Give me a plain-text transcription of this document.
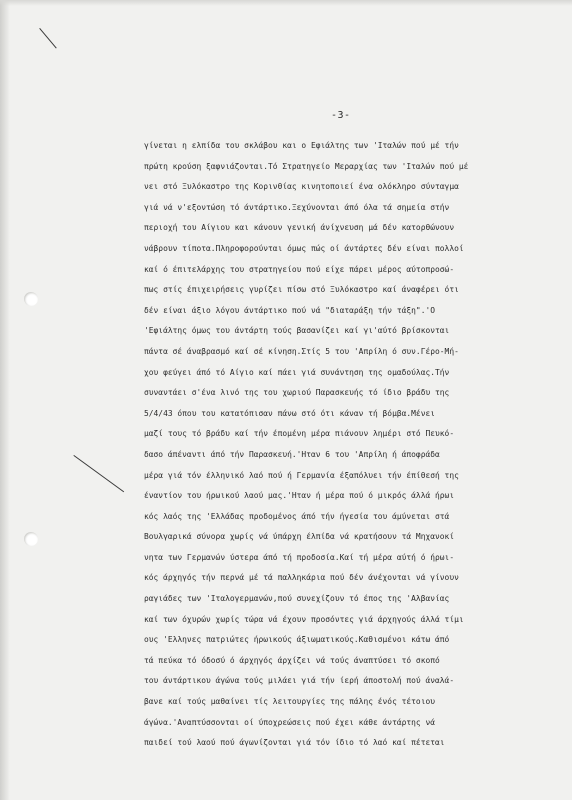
-3-
γίνεται η ελπίδα του σκλάβου και ο Εφιάλτης των 'Ιταλών πού μέ τήν
πρώτη κρούση ξαφνιάζονται.Τό Στρατηγείο Μεραρχίας των 'Ιταλών πού μέ
νει στό Ξυλόκαστρο της Κορινθίας κινητοποιεί ένα ολόκληρο σύνταγμα
γιά νά ν'εξοντώση τό άντάρτικο.Ξεχύνονται άπό όλα τά σημεία στήν
περιοχή του Αίγιου και κάνουν γενική άνίχνευση μά δέν κατορθώνουν
νάβρουν τίποτα.Πληροφορούνται όμως πώς οί άντάρτες δέν είναι πολλοί
καί ό έπιτελάρχης του στρατηγείου πού είχε πάρει μέρος αύτοπροσώ-
πως στίς έπιχειρήσεις γυρίζει πίσω στό Ξυλόκαστρο καί άναφέρει ότι
δέν είναι άξιο λόγου άντάρτικο πού νά "διαταράξη τήν τάξη".'Ο
'Εφιάλτης όμως του άντάρτη τούς βασανίζει καί γι'αύτό βρίσκονται
πάντα σέ άναβρασμό καί σέ κίνηση.Στίς 5 του 'Απρίλη ό συν.Γέρο-Μή-
χου φεύγει άπό τό Αίγιο καί πάει γιά συνάντηση της ομαδούλας.Τήν
συναντάει σ'ένα λινό της του χωριού Παρασκευής τό ίδιο βράδυ της
5/4/43 όπου του κατατόπισαν πάνω στό ότι κάναν τή βόμβα.Μένει
μαζί τους τό βράδυ καί τήν έπομένη μέρα πιάνουν λημέρι στό Πευκό-
δασο άπέναντι άπό τήν Παρασκευή.'Ηταν 6 του 'Απρίλη ή άποφράδα
μέρα γιά τόν έλληνικό λαό πού ή Γερμανία έξαπόλυει τήν έπίθεσή της
έναντίον του ήρωικού λαού μας.'Ηταν ή μέρα πού ό μικρός άλλά ήρωι
κός λαός της 'Ελλάδας προδομένος άπό τήν ήγεσία του άμύνεται στά
Βουλγαρικά σύνορα χωρίς νά ύπάρχη έλπίδα νά κρατήσουν τά Μηχανοκί
νητα των Γερμανών ύστερα άπό τή προδοσία.Καί τή μέρα αύτή ό ήρωι-
κός άρχηγός τήν περνά μέ τά παλληκάρια πού δέν άνέχονται νά γίνουν
ραγιάδες των 'Ιταλογερμανών,πού συνεχίζουν τό έπος της 'Αλβανίας
καί των όχυρών χωρίς τώρα νά έχουν προσόντες γιά άρχηγούς άλλά τίμι
ους 'Ελληνες πατριώτες ήρωικούς άξιωματικούς.Καθισμένοι κάτω άπό
τά πεύκα τό όδοσύ ό άρχηγός άρχίζει νά τούς άναπτύσει τό σκοπό
του άντάρτικου άγώνα τούς μιλάει γιά τήν ίερή άποστολή πού άναλά-
βανε καί τούς μαθαίνει τίς λειτουργίες της πάλης ένός τέτοιου
άγώνα.'Αναπτύσσονται οί ύποχρεώσεις πού έχει κάθε άντάρτης νά
παιδεί τού λαού πού άγωνίζονται γιά τόν ίδιο τό λαό καί πέτεται
